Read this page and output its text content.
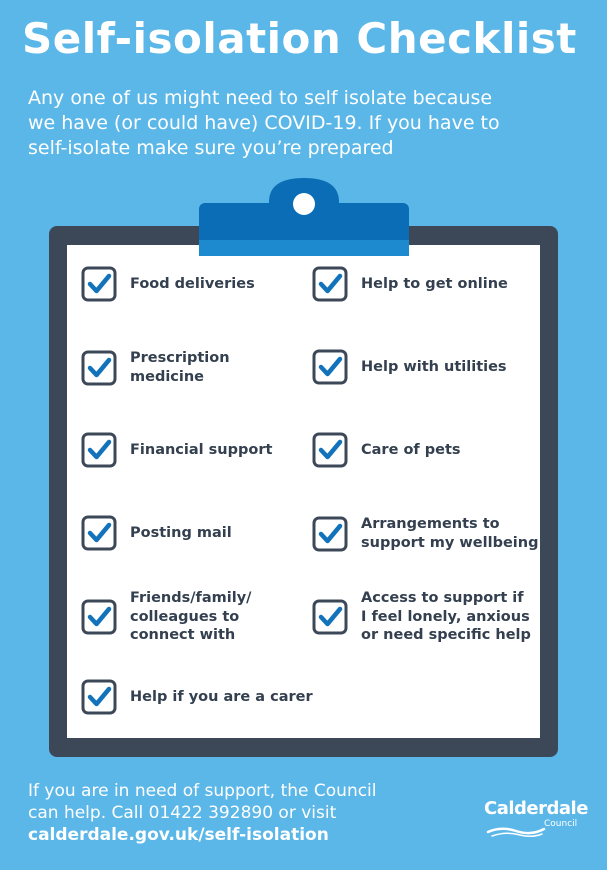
Self-isolation Checklist
Any one of us might need to self isolate because
we have (or could have) COVID-19. If you have to
self-isolate make sure you’re prepared
Food deliveries
Prescription
medicine
Financial support
Posting mail
Friends/family/
colleagues to
connect with
Help if you are a carer
Help to get online
Help with utilities
Care of pets
Arrangements to
support my wellbeing
Access to support if
I feel lonely, anxious
or need specific help
If you are in need of support, the Council
can help. Call 01422 392890 or visit
calderdale.gov.uk/self-isolation
Calderdale
Council
